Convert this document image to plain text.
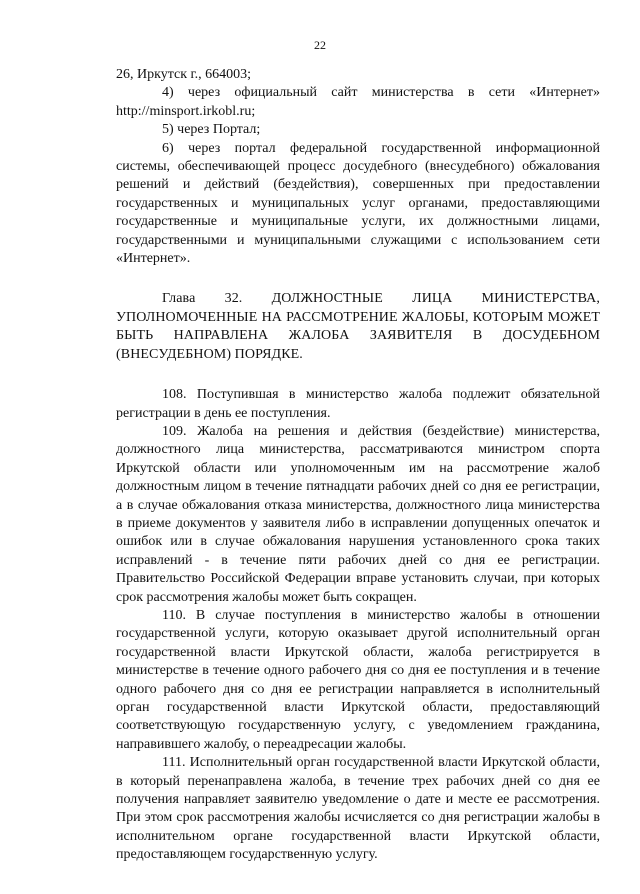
22

26, Иркутск г., 664003;

4) через официальный сайт министерства в сети «Интернет» http://minsport.irkobl.ru;

5) через Портал;

6) через портал федеральной государственной информационной системы, обеспечивающей процесс досудебного (внесудебного) обжалования решений и действий (бездействия), совершенных при предоставлении государственных и муниципальных услуг органами, предоставляющими государственные и муниципальные услуги, их должностными лицами, государственными и муниципальными служащими с использованием сети «Интернет».

Глава 32. ДОЛЖНОСТНЫЕ ЛИЦА МИНИСТЕРСТВА, УПОЛНОМОЧЕННЫЕ НА РАССМОТРЕНИЕ ЖАЛОБЫ, КОТОРЫМ МОЖЕТ БЫТЬ НАПРАВЛЕНА ЖАЛОБА ЗАЯВИТЕЛЯ В ДОСУДЕБНОМ (ВНЕСУДЕБНОМ) ПОРЯДКЕ.

108. Поступившая в министерство жалоба подлежит обязательной регистрации в день ее поступления.

109. Жалоба на решения и действия (бездействие) министерства, должностного лица министерства, рассматриваются министром спорта Иркутской области или уполномоченным им на рассмотрение жалоб должностным лицом в течение пятнадцати рабочих дней со дня ее регистрации, а в случае обжалования отказа министерства, должностного лица министерства в приеме документов у заявителя либо в исправлении допущенных опечаток и ошибок или в случае обжалования нарушения установленного срока таких исправлений - в течение пяти рабочих дней со дня ее регистрации. Правительство Российской Федерации вправе установить случаи, при которых срок рассмотрения жалобы может быть сокращен.

110. В случае поступления в министерство жалобы в отношении государственной услуги, которую оказывает другой исполнительный орган государственной власти Иркутской области, жалоба регистрируется в министерстве в течение одного рабочего дня со дня ее поступления и в течение одного рабочего дня со дня ее регистрации направляется в исполнительный орган государственной власти Иркутской области, предоставляющий соответствующую государственную услугу, с уведомлением гражданина, направившего жалобу, о переадресации жалобы.

111. Исполнительный орган государственной власти Иркутской области, в который перенаправлена жалоба, в течение трех рабочих дней со дня ее получения направляет заявителю уведомление о дате и месте ее рассмотрения. При этом срок рассмотрения жалобы исчисляется со дня регистрации жалобы в исполнительном органе государственной власти Иркутской области, предоставляющем государственную услугу.
